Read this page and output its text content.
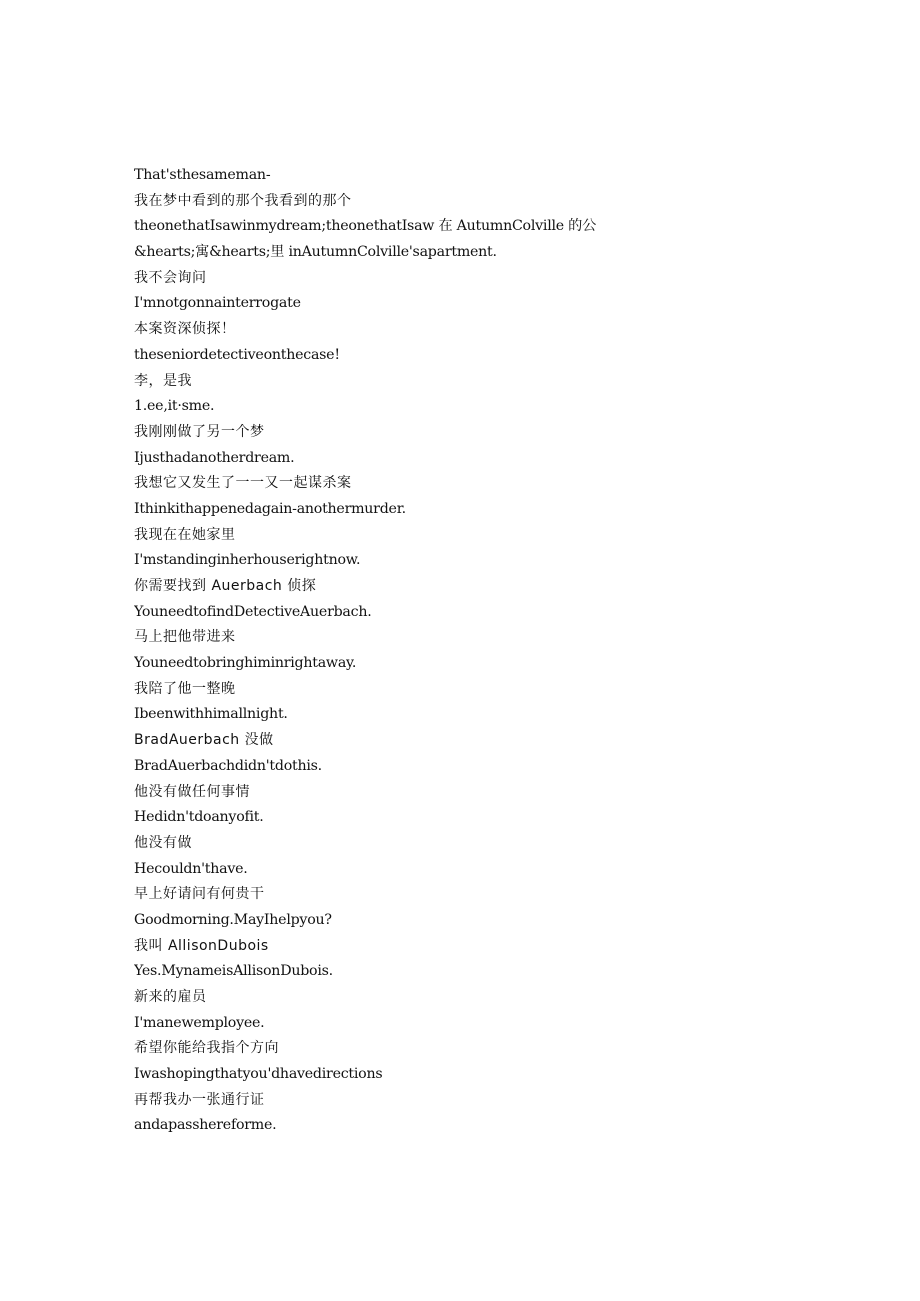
That'sthesameman-
我在梦中看到的那个我看到的那个
theonethatIsawinmydream;theonethatIsaw 在 AutumnColville 的公
&hearts;寓&hearts;里 inAutumnColville'sapartment.
我不会询问
I'mnotgonnainterrogate
本案资深侦探！
theseniordetectiveonthecase!
李，是我
1.ee,it·sme.
我刚刚做了另一个梦
Ijusthadanotherdream.
我想它又发生了一一又一起谋杀案
Ithinkithappenedagain-anothermurder.
我现在在她家里
I'mstandinginherhouserightnow.
你需要找到 Auerbach 侦探
YouneedtofindDetectiveAuerbach.
马上把他带进来
Youneedtobringhiminrightaway.
我陪了他一整晚
Ibeenwithhimallnight.
BradAuerbach 没做
BradAuerbachdidn'tdothis.
他没有做任何事情
Hedidn'tdoanyofit.
他没有做
Hecouldn'thave.
早上好请问有何贵干
Goodmorning.MayIhelpyou?
我叫 AllisonDubois
Yes.MynameisAllisonDubois.
新来的雇员
I'manewemployee.
希望你能给我指个方向
Iwashopingthatyou'dhavedirections
再帮我办一张通行证
andapasshereforme.
